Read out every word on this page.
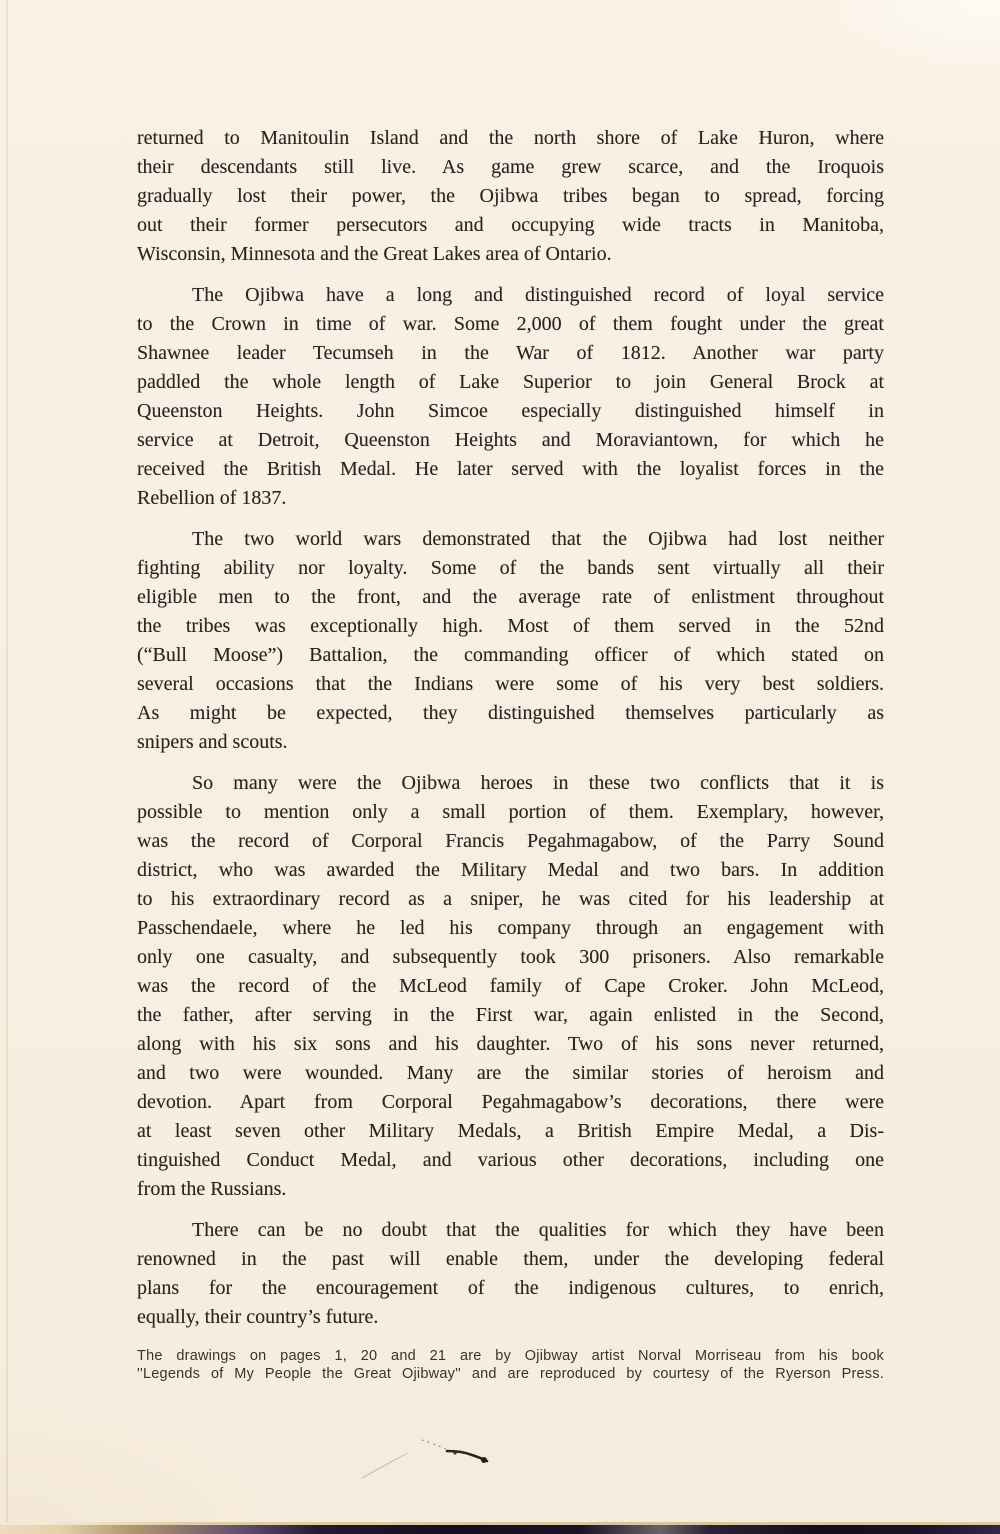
returned to Manitoulin Island and the north shore of Lake Huron, where
their descendants still live. As game grew scarce, and the Iroquois
gradually lost their power, the Ojibwa tribes began to spread, forcing
out their former persecutors and occupying wide tracts in Manitoba,
Wisconsin, Minnesota and the Great Lakes area of Ontario.
The Ojibwa have a long and distinguished record of loyal service
to the Crown in time of war. Some 2,000 of them fought under the great
Shawnee leader Tecumseh in the War of 1812. Another war party
paddled the whole length of Lake Superior to join General Brock at
Queenston Heights. John Simcoe especially distinguished himself in
service at Detroit, Queenston Heights and Moraviantown, for which he
received the British Medal. He later served with the loyalist forces in the
Rebellion of 1837.
The two world wars demonstrated that the Ojibwa had lost neither
fighting ability nor loyalty. Some of the bands sent virtually all their
eligible men to the front, and the average rate of enlistment throughout
the tribes was exceptionally high. Most of them served in the 52nd
(“Bull Moose”) Battalion, the commanding officer of which stated on
several occasions that the Indians were some of his very best soldiers.
As might be expected, they distinguished themselves particularly as
snipers and scouts.
So many were the Ojibwa heroes in these two conflicts that it is
possible to mention only a small portion of them. Exemplary, however,
was the record of Corporal Francis Pegahmagabow, of the Parry Sound
district, who was awarded the Military Medal and two bars. In addition
to his extraordinary record as a sniper, he was cited for his leadership at
Passchendaele, where he led his company through an engagement with
only one casualty, and subsequently took 300 prisoners. Also remarkable
was the record of the McLeod family of Cape Croker. John McLeod,
the father, after serving in the First war, again enlisted in the Second,
along with his six sons and his daughter. Two of his sons never returned,
and two were wounded. Many are the similar stories of heroism and
devotion. Apart from Corporal Pegahmagabow’s decorations, there were
at least seven other Military Medals, a British Empire Medal, a Dis-
tinguished Conduct Medal, and various other decorations, including one
from the Russians.
There can be no doubt that the qualities for which they have been
renowned in the past will enable them, under the developing federal
plans for the encouragement of the indigenous cultures, to enrich,
equally, their country’s future.
The drawings on pages 1, 20 and 21 are by Ojibway artist Norval Morriseau from his book
''Legends of My People the Great Ojibway'' and are reproduced by courtesy of the Ryerson Press.
